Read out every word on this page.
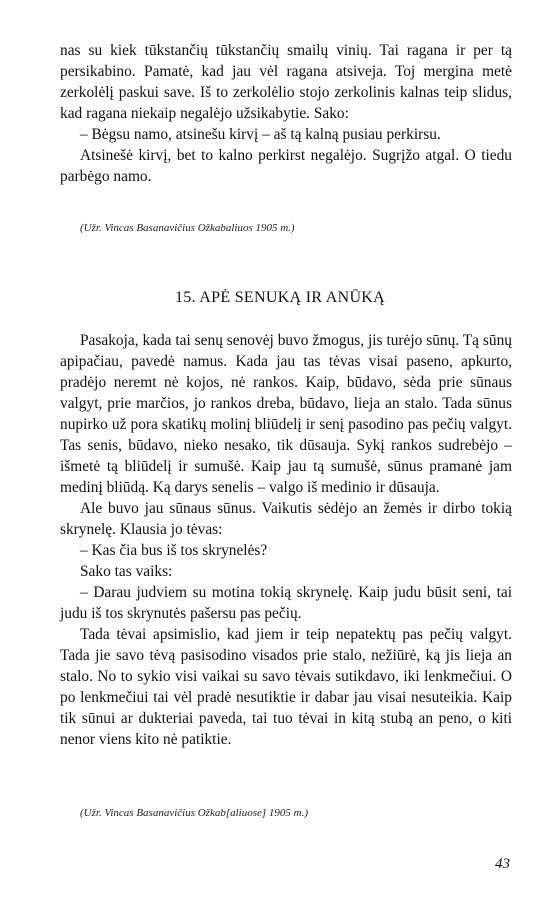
nas su kiek tūkstančių tūkstančių smailų vinių. Tai ragana ir per tą persikabino. Pamatė, kad jau vėl ragana atsiveja. Toj mergina metė zerkolėlį paskui save. Iš to zerkolėlio stojo zerkolinis kalnas teip slidus, kad ragana niekaip negalėjo užsikabytie. Sako:

– Bėgsu namo, atsinešu kirvį – aš tą kalną pusiau perkirsu.

Atsinešė kirvį, bet to kalno perkirst negalėjo. Sugrįžo atgal. O tiedu parbėgo namo.

(Užr. Vincas Basanavičius Ožkabaliuos 1905 m.)
15. APĖ SENUKĄ IR ANŪKĄ

Pasakoja, kada tai senų senovėj buvo žmogus, jis turėjo sūnų. Tą sūnų apipačiau, pavedė namus. Kada jau tas tėvas visai paseno, apkurto, pradėjo neremt nė kojos, nė rankos. Kaip, būdavo, sėda prie sūnaus valgyt, prie marčios, jo rankos dreba, būdavo, lieja an stalo. Tada sūnus nupirko už pora skatikų molinį bliūdelį ir senį pasodino pas pečių valgyt. Tas senis, būdavo, nieko nesako, tik dūsauja. Sykį rankos sudrebėjo – išmetė tą bliūdelį ir sumušė. Kaip jau tą sumušė, sūnus pramanė jam medinį bliūdą. Ką darys senelis – valgo iš medinio ir dūsauja.

Ale buvo jau sūnaus sūnus. Vaikutis sėdėjo an žemės ir dirbo tokią skrynelę. Klausia jo tėvas:

– Kas čia bus iš tos skrynelės?

Sako tas vaiks:

– Darau judviem su motina tokią skrynelę. Kaip judu būsit seni, tai judu iš tos skrynutės pašersu pas pečių.

Tada tėvai apsimislio, kad jiem ir teip nepatektų pas pečių valgyt. Tada jie savo tėvą pasisodino visados prie stalo, nežiūrė, ką jis lieja an stalo. No to sykio visi vaikai su savo tėvais sutikdavo, iki lenkmečiuі. O po lenkmečiuі tai vėl pradė nesutiktie ir dabar jau visai nesuteikia. Kaip tik sūnui ar dukteriai paveda, tai tuo tėvai in kitą stubą an peno, o kiti nenor viens kito nė patiktie.

(Užr. Vincas Basanavičius Ožkab[aliuose] 1905 m.)
43
